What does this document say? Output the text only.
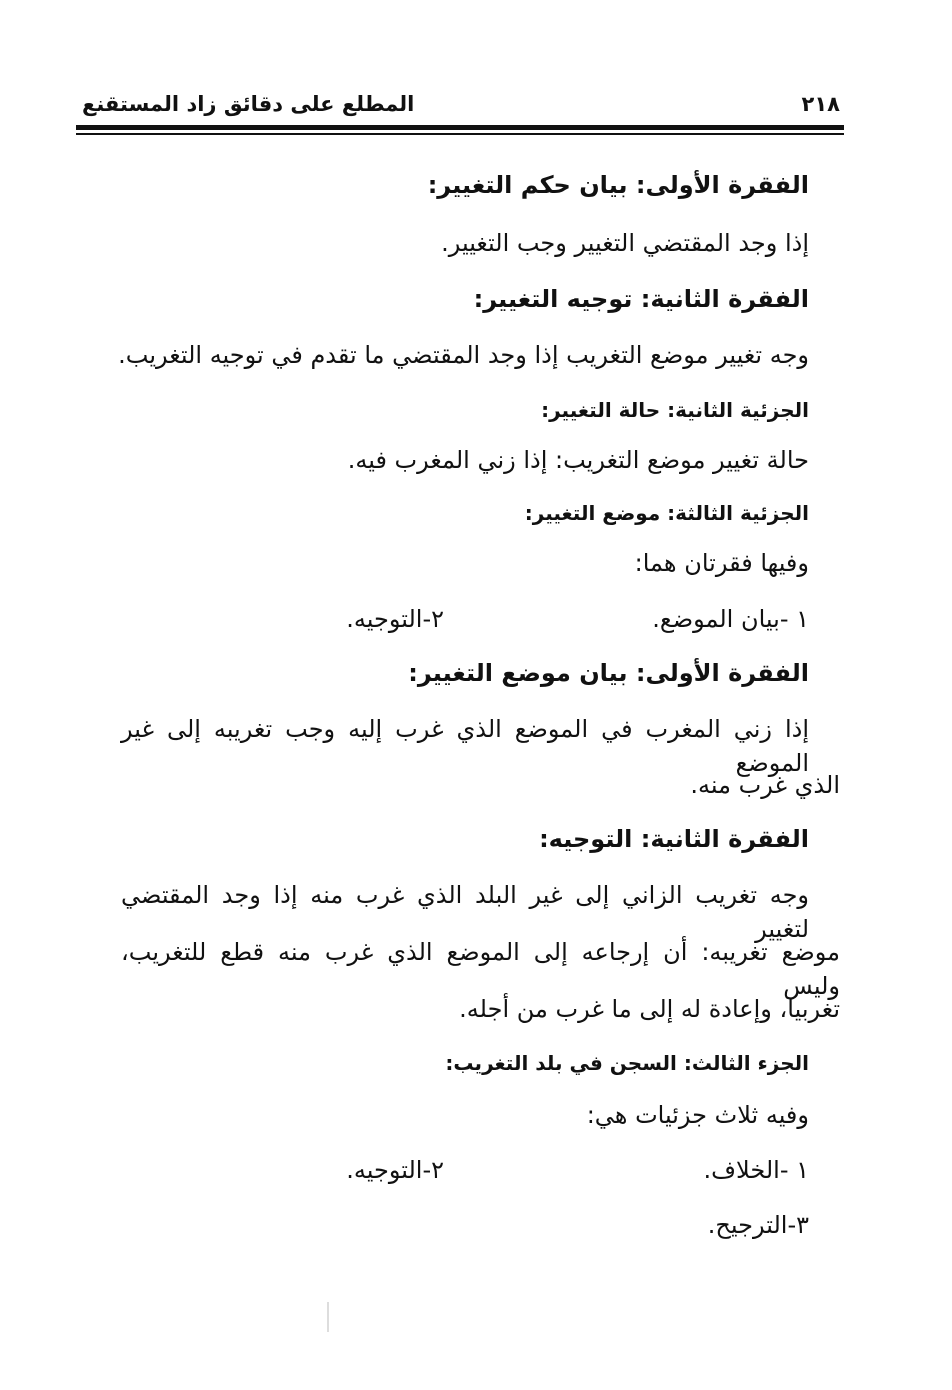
٢١٨
المطلع على دقائق زاد المستقنع
الفقرة الأولى: بيان حكم التغيير:
إذا وجد المقتضي التغيير وجب التغيير.
الفقرة الثانية: توجيه التغيير:
وجه تغيير موضع التغريب إذا وجد المقتضي ما تقدم في توجيه التغريب.
الجزئية الثانية: حالة التغيير:
حالة تغيير موضع التغريب: إذا زني المغرب فيه.
الجزئية الثالثة: موضع التغيير:
وفيها فقرتان هما:
١ -بيان الموضع.
٢-التوجيه.
الفقرة الأولى: بيان موضع التغيير:
إذا زني المغرب في الموضع الذي غرب إليه وجب تغريبه إلى غير الموضع
الذي غرب منه.
الفقرة الثانية: التوجيه:
وجه تغريب الزاني إلى غير البلد الذي غرب منه إذا وجد المقتضي لتغيير
موضع تغريبه: أن إرجاعه إلى الموضع الذي غرب منه قطع للتغريب، وليس
تغربيا، وإعادة له إلى ما غرب من أجله.
الجزء الثالث: السجن في بلد التغريب:
وفيه ثلاث جزئيات هي:
١ -الخلاف.
٢-التوجيه.
٣-الترجيح.
